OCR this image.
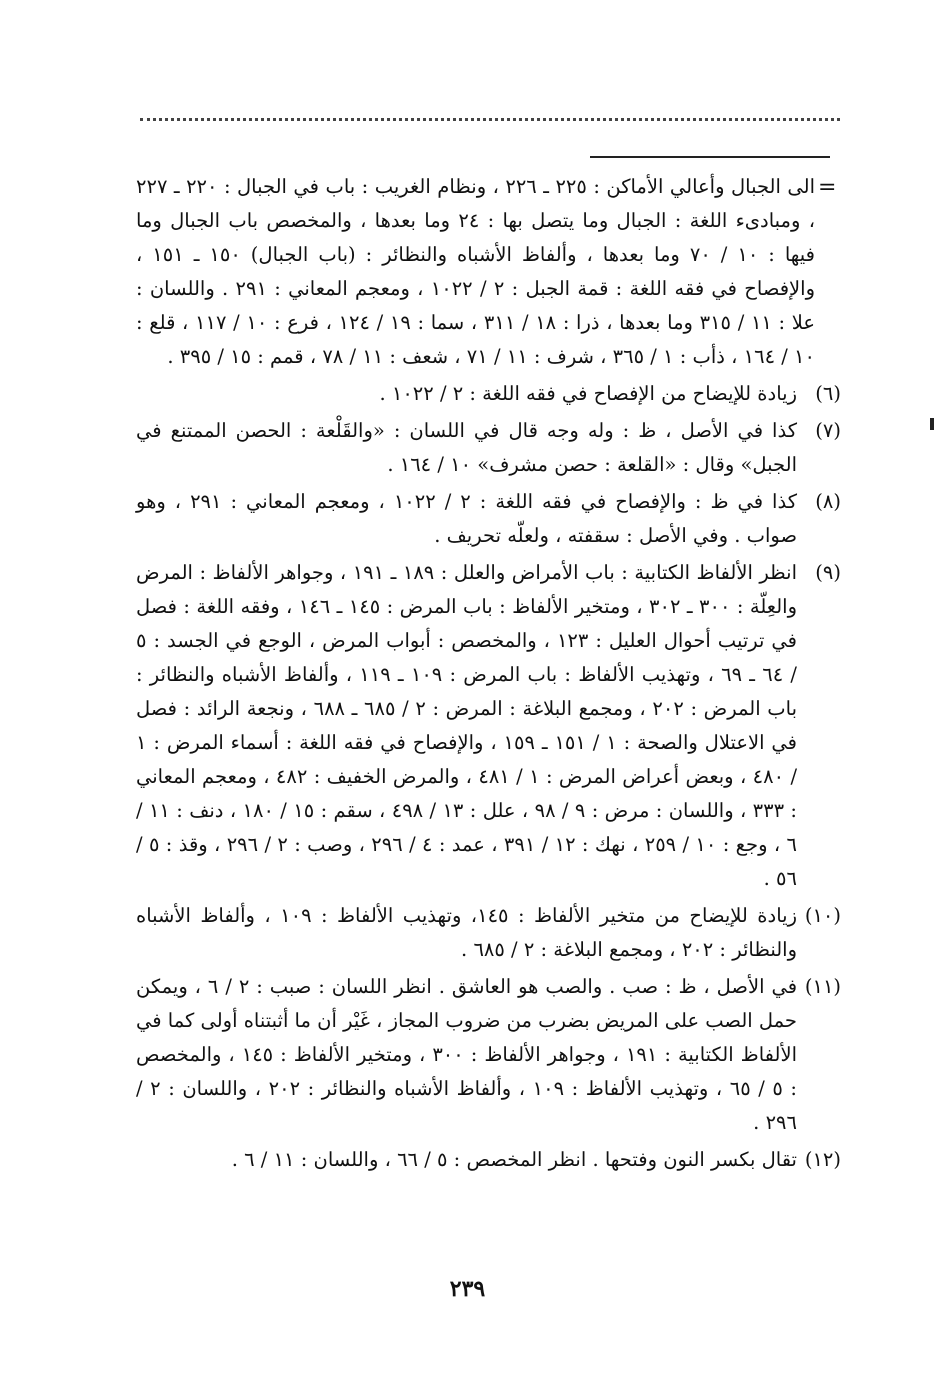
=

الى الجبال وأعالي الأماكن : ٢٢٥ ـ ٢٢٦ ، ونظام الغريب : باب في الجبال : ٢٢٠ ـ ٢٢٧ ، ومبادىء اللغة : الجبال وما يتصل بها : ٢٤ وما بعدها ، والمخصص باب الجبال وما فيها : ١٠ / ٧٠ وما بعدها ، وألفاظ الأشباه والنظائر : (باب الجبال) ١٥٠ ـ ١٥١ ، والإفصاح في فقه اللغة : قمة الجبل : ٢ / ١٠٢٢ ، ومعجم المعاني : ٢٩١ . واللسان : علا : ١١ / ٣١٥ وما بعدها ، ذرا : ١٨ / ٣١١ ، سما : ١٩ / ١٢٤ ، فرع : ١٠ / ١١٧ ، قلع : ١٠ / ١٦٤ ، ذأب : ١ / ٣٦٥ ، شرف : ١١ / ٧١ ، شعف : ١١ / ٧٨ ، قمم : ١٥ / ٣٩٥ .

(٦)زيادة للإيضاح من الإفصاح في فقه اللغة : ٢ / ١٠٢٢ .

(٧)كذا في الأصل ، ظ : وله وجه قال في اللسان : «والقَلْعة : الحصن الممتنع في الجبل» وقال : «القلعة : حصن مشرف» ١٠ / ١٦٤ .

(٨)كذا في ظ : والإفصاح في فقه اللغة : ٢ / ١٠٢٢ ، ومعجم المعاني : ٢٩١ ، وهو صواب . وفي الأصل : سقفته ، ولعلّه تحريف .

(٩)انظر الألفاظ الكتابية : باب الأمراض والعلل : ١٨٩ ـ ١٩١ ، وجواهر الألفاظ : المرض والعِلّة : ٣٠٠ ـ ٣٠٢ ، ومتخير الألفاظ : باب المرض : ١٤٥ ـ ١٤٦ ، وفقه اللغة : فصل في ترتيب أحوال العليل : ١٢٣ ، والمخصص : أبواب المرض ، الوجع في الجسد : ٥ / ٦٤ ـ ٦٩ ، وتهذيب الألفاظ : باب المرض : ١٠٩ ـ ١١٩ ، وألفاظ الأشباه والنظائر : باب المرض : ٢٠٢ ، ومجمع البلاغة : المرض : ٢ / ٦٨٥ ـ ٦٨٨ ، ونجعة الرائد : فصل في الاعتلال والصحة : ١ / ١٥١ ـ ١٥٩ ، والإفصاح في فقه اللغة : أسماء المرض : ١ / ٤٨٠ ، وبعض أعراض المرض : ١ / ٤٨١ ، والمرض الخفيف : ٤٨٢ ، ومعجم المعاني : ٣٣٣ ، واللسان : مرض : ٩ / ٩٨ ، علل : ١٣ / ٤٩٨ ، سقم : ١٥ / ١٨٠ ، دنف : ١١ / ٦ ، وجع : ١٠ / ٢٥٩ ، نهك : ١٢ / ٣٩١ ، عمد : ٤ / ٢٩٦ ، وصب : ٢ / ٢٩٦ ، وقذ : ٥ / ٥٦ .

(١٠)زيادة للإيضاح من متخير الألفاظ : ١٤٥، وتهذيب الألفاظ : ١٠٩ ، وألفاظ الأشباه والنظائر : ٢٠٢ ، ومجمع البلاغة : ٢ / ٦٨٥ .

(١١)في الأصل ، ظ : صب . والصب هو العاشق . انظر اللسان : صبب : ٢ / ٦ ، ويمكن حمل الصب على المريض بضرب من ضروب المجاز ، غَيْر أن ما أثبتناه أولى كما في الألفاظ الكتابية : ١٩١ ، وجواهر الألفاظ : ٣٠٠ ، ومتخير الألفاظ : ١٤٥ ، والمخصص : ٥ / ٦٥ ، وتهذيب الألفاظ : ١٠٩ ، وألفاظ الأشباه والنظائر : ٢٠٢ ، واللسان : ٢ / ٢٩٦ .

(١٢)تقال بكسر النون وفتحها . انظر المخصص : ٥ / ٦٦ ، واللسان : ١١ / ٦ .

٢٣٩
